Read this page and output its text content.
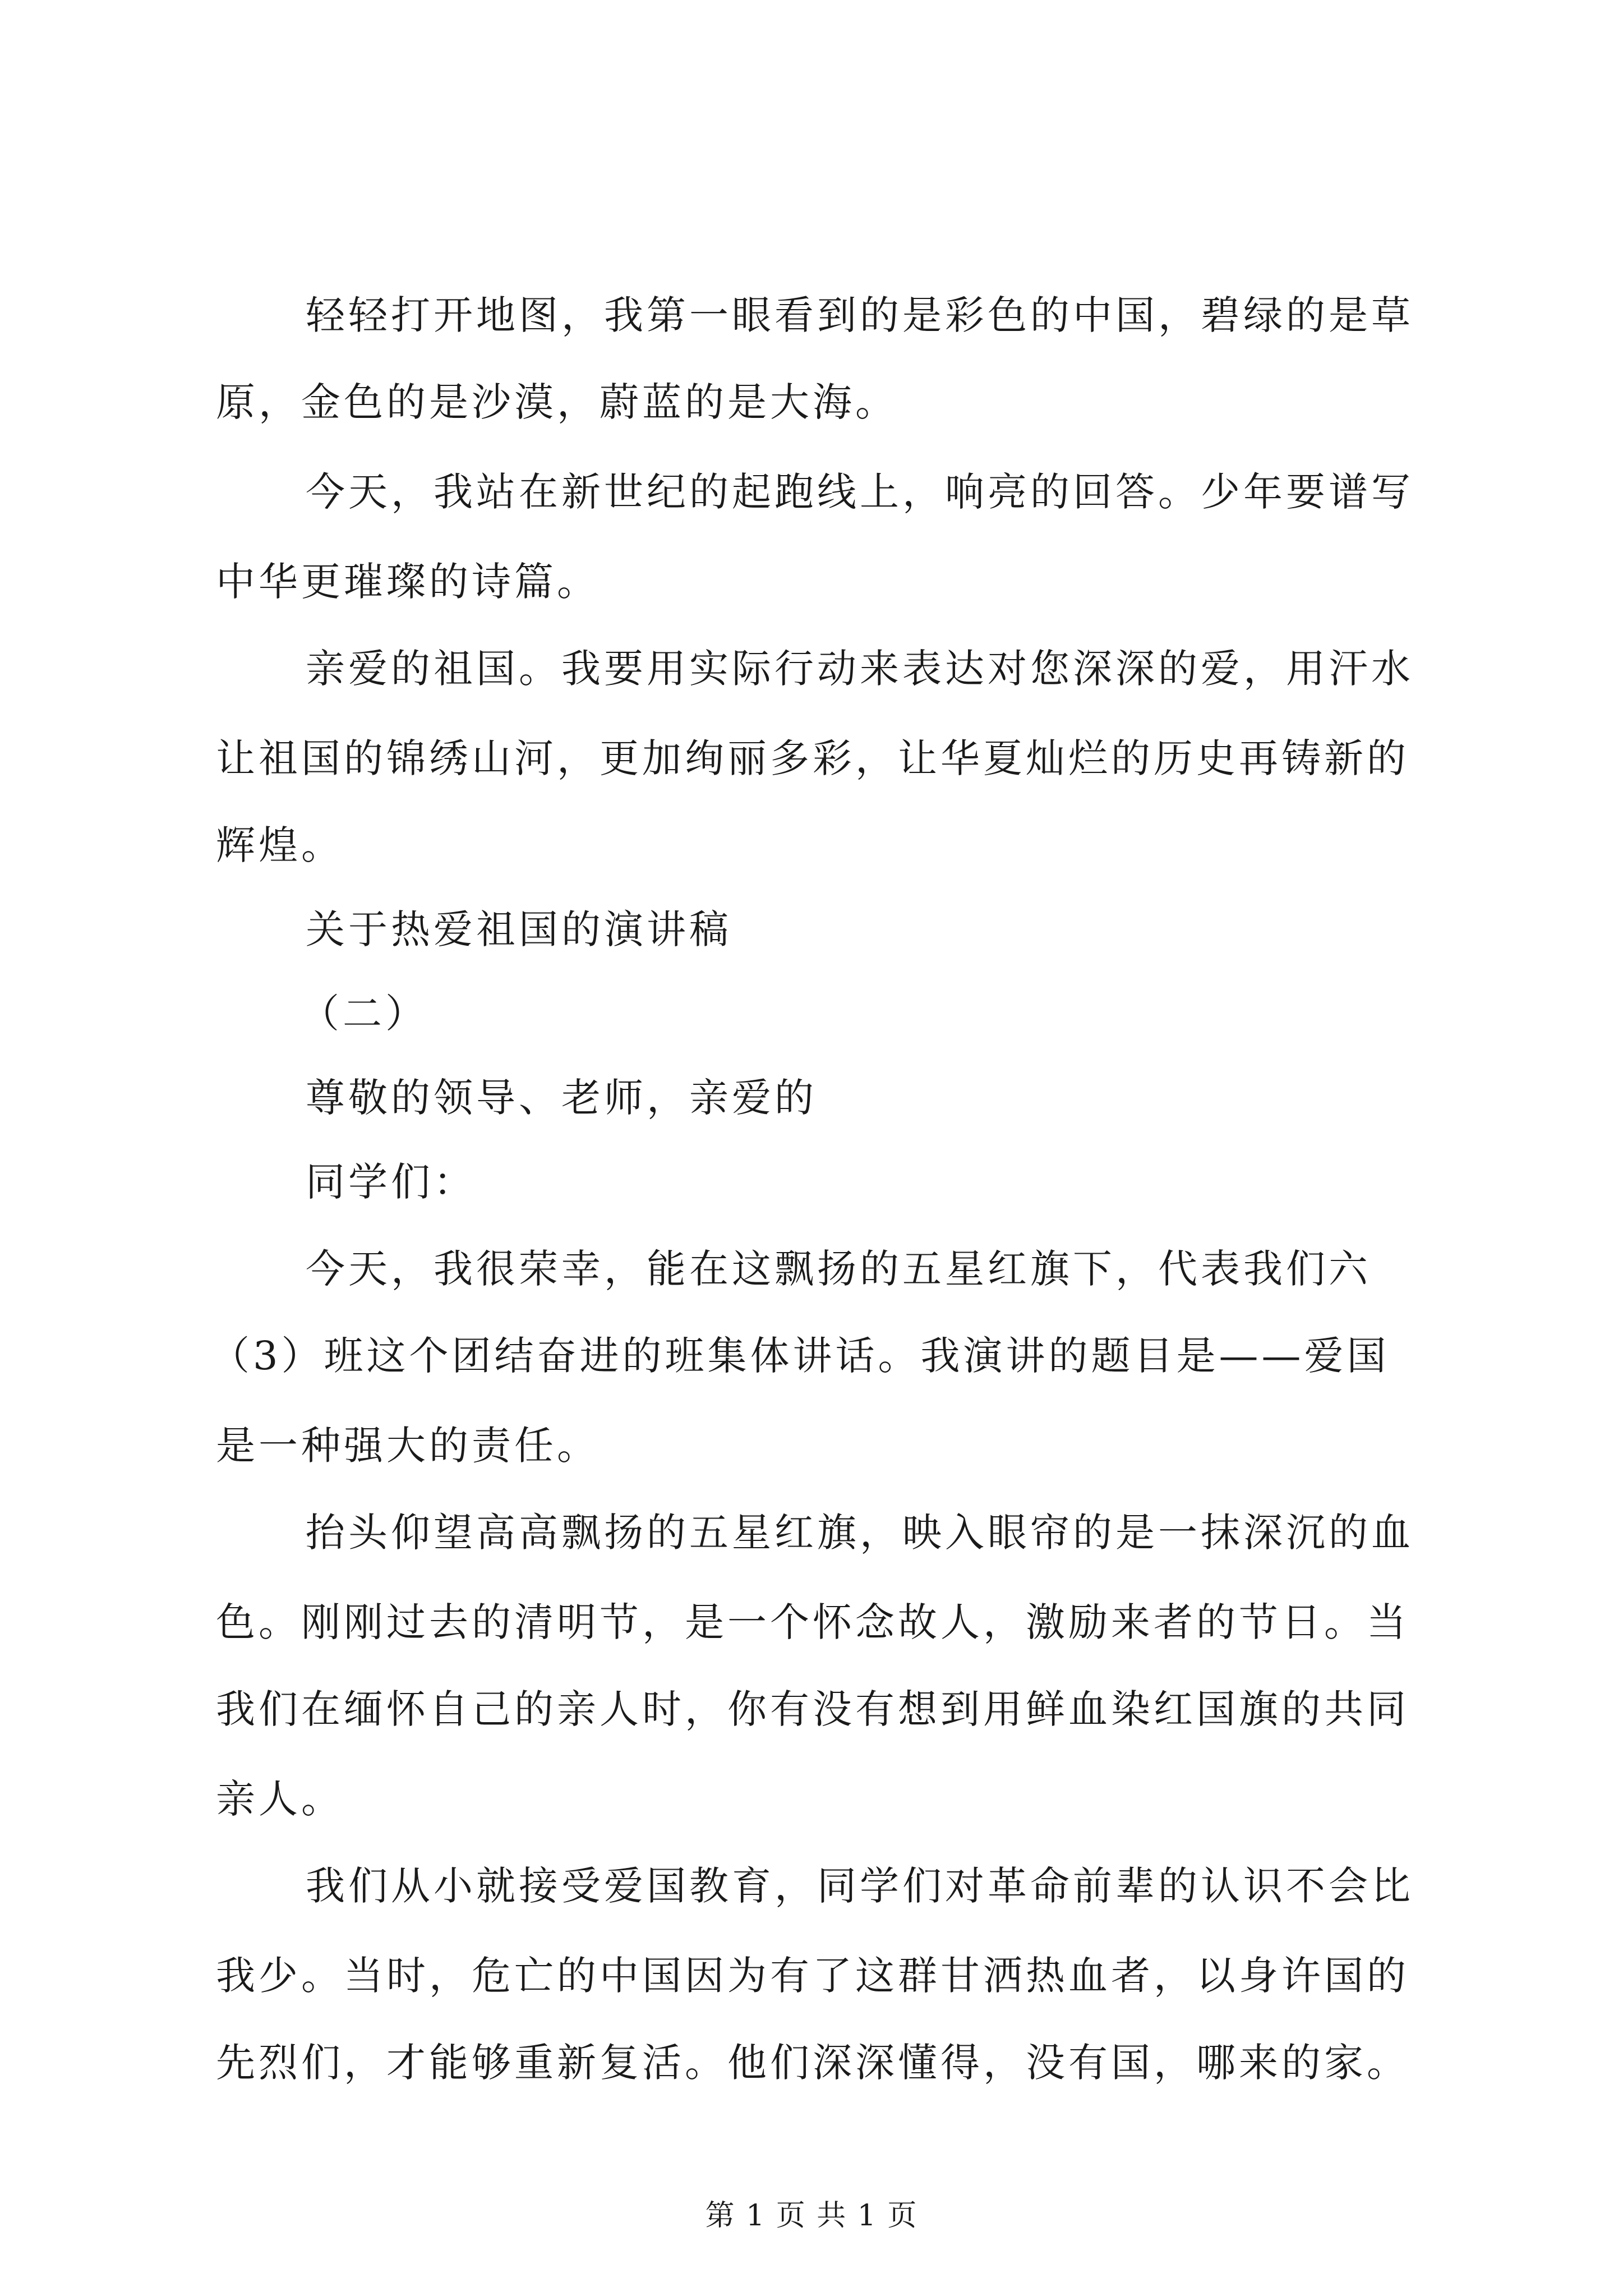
轻轻打开地图，我第一眼看到的是彩色的中国，碧绿的是草
原，金色的是沙漠，蔚蓝的是大海。
今天，我站在新世纪的起跑线上，响亮的回答。少年要谱写
中华更璀璨的诗篇。
亲爱的祖国。我要用实际行动来表达对您深深的爱，用汗水
让祖国的锦绣山河，更加绚丽多彩，让华夏灿烂的历史再铸新的
辉煌。
关于热爱祖国的演讲稿
（二）
尊敬的领导、老师，亲爱的
同学们：
今天，我很荣幸，能在这飘扬的五星红旗下，代表我们六
（3）班这个团结奋进的班集体讲话。我演讲的题目是——爱国
是一种强大的责任。
抬头仰望高高飘扬的五星红旗，映入眼帘的是一抹深沉的血
色。刚刚过去的清明节，是一个怀念故人，激励来者的节日。当
我们在缅怀自己的亲人时，你有没有想到用鲜血染红国旗的共同
亲人。
我们从小就接受爱国教育，同学们对革命前辈的认识不会比
我少。当时，危亡的中国因为有了这群甘洒热血者，以身许国的
先烈们，才能够重新复活。他们深深懂得，没有国，哪来的家。
第 1 页 共 1 页
